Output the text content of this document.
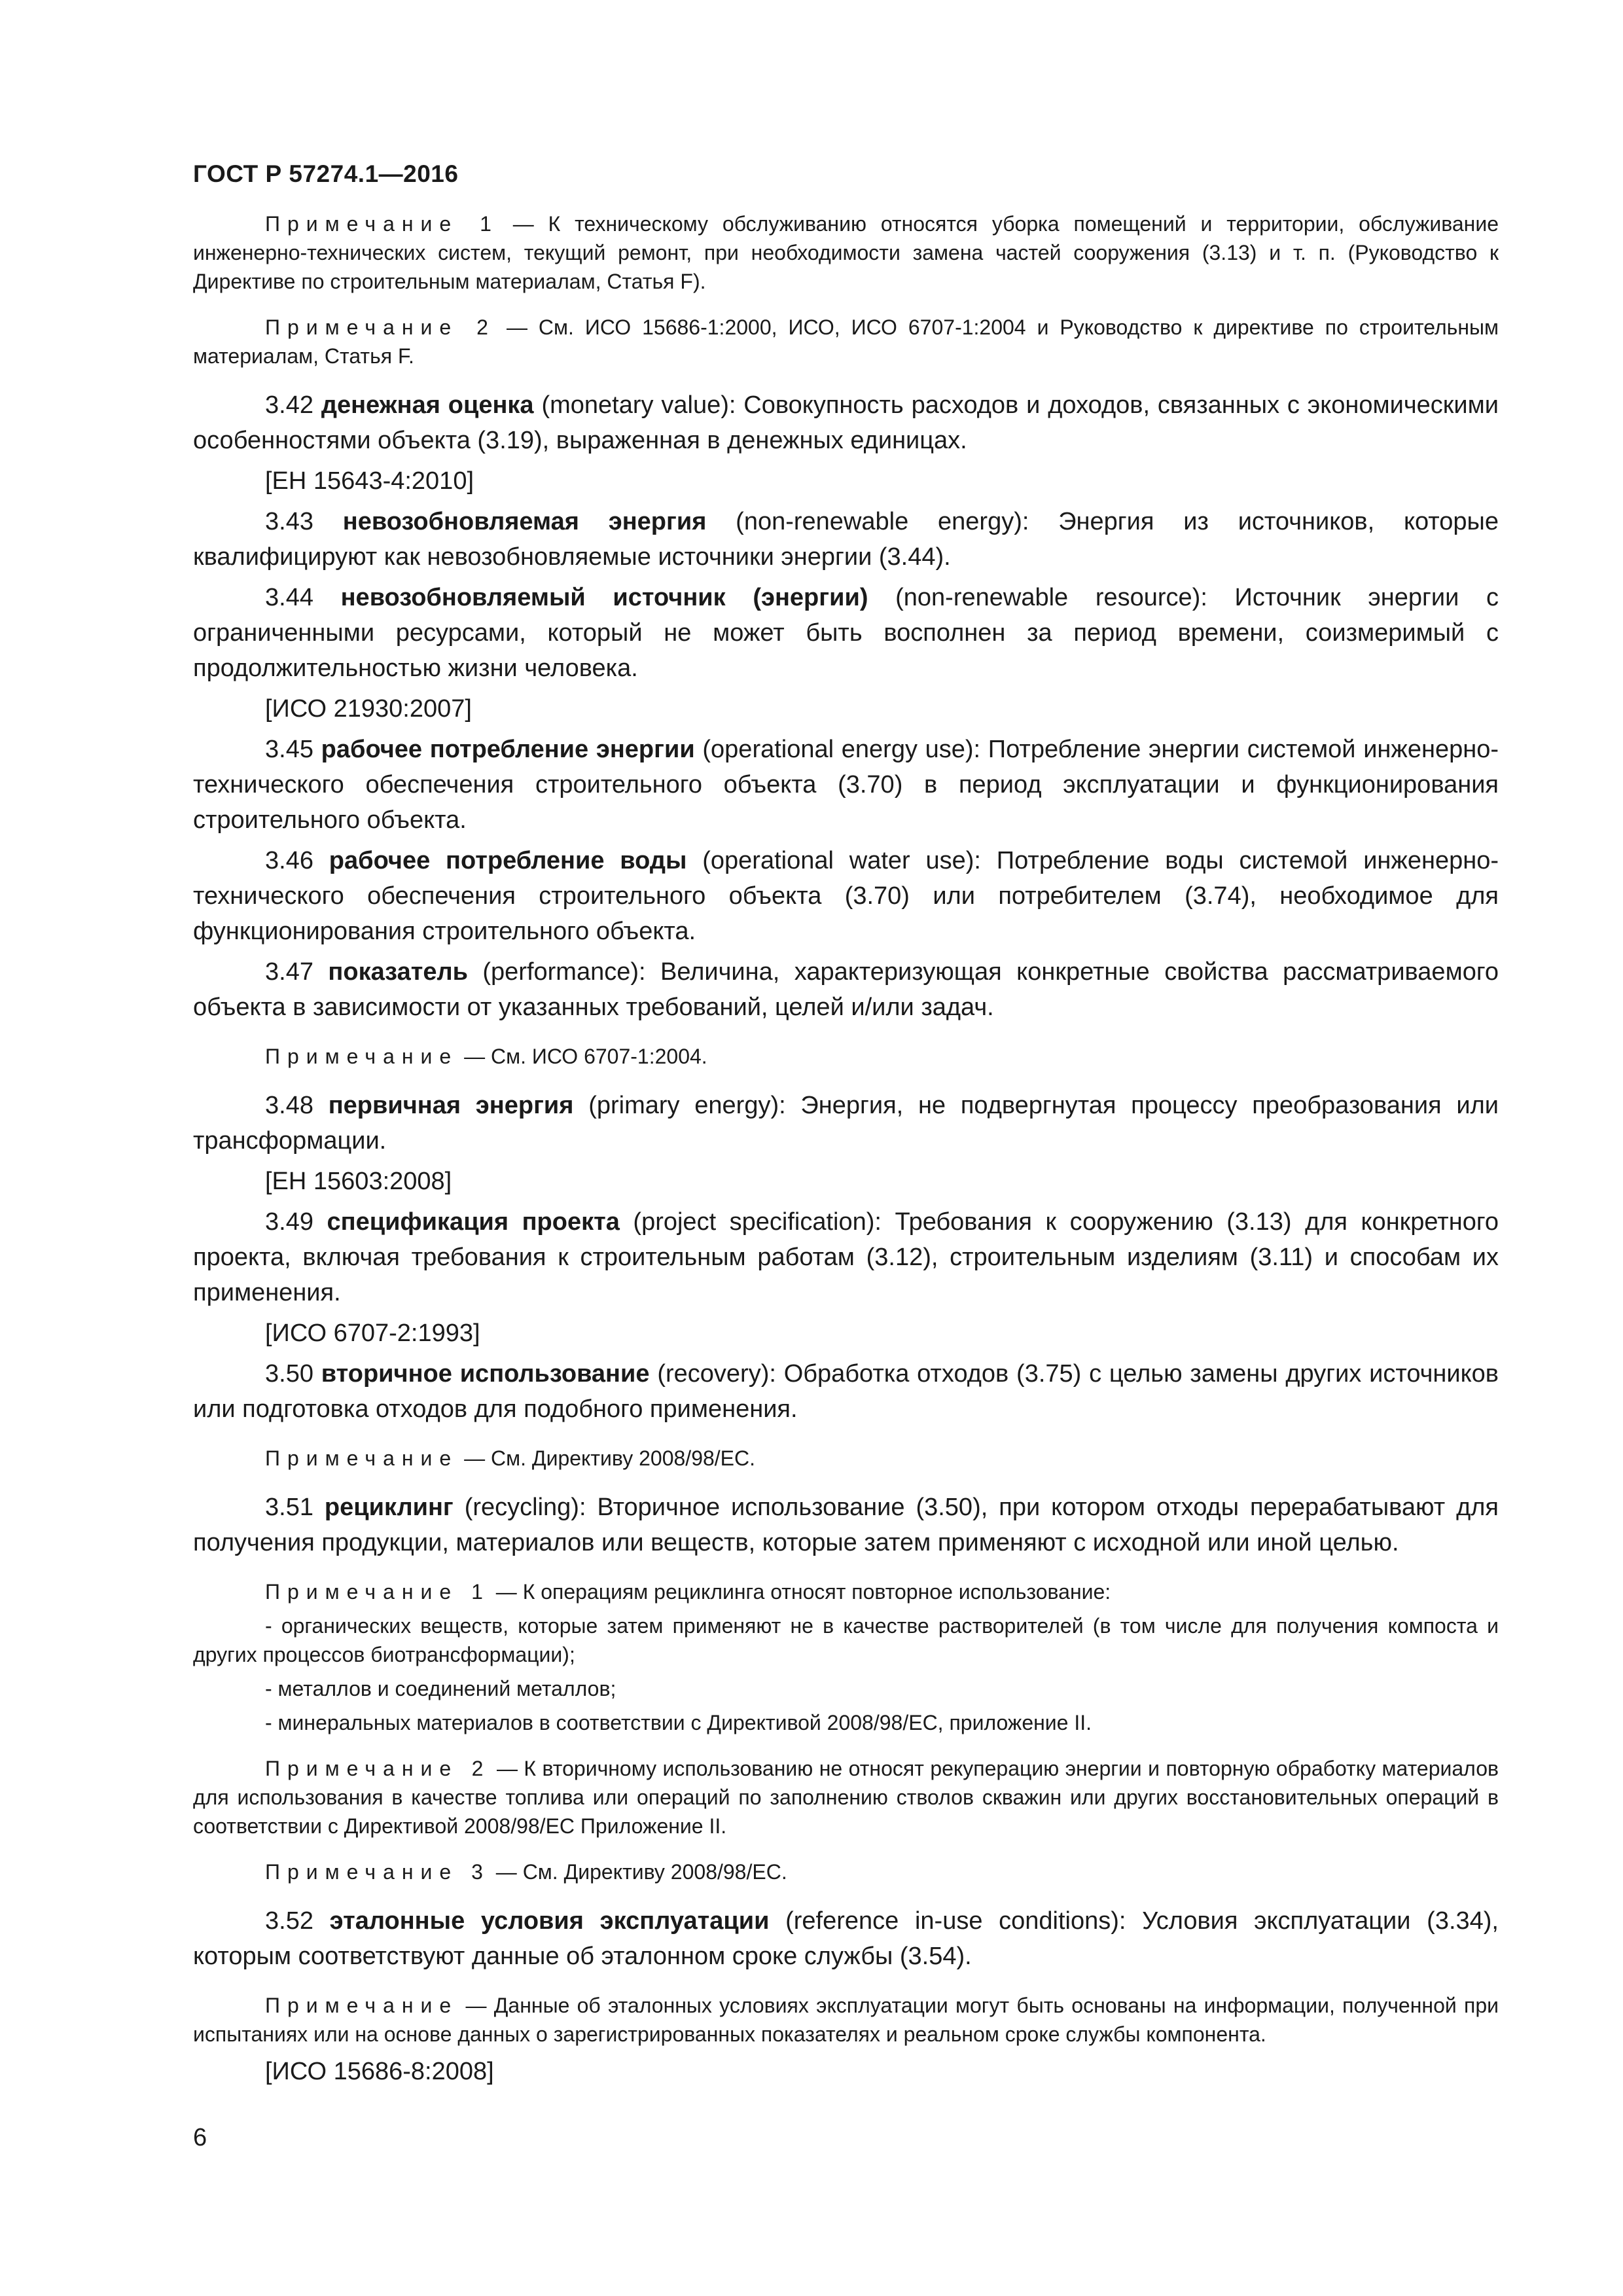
ГОСТ Р 57274.1—2016

Примечание 1 — К техническому обслуживанию относятся уборка помещений и территории, обслуживание инженерно-технических систем, текущий ремонт, при необходимости замена частей сооружения (3.13) и т. п. (Руководство к Директиве по строительным материалам, Статья F).

Примечание 2 — См. ИСО 15686-1:2000, ИСО, ИСО 6707-1:2004 и Руководство к директиве по строительным материалам, Статья F.

3.42 денежная оценка (monetary value): Совокупность расходов и доходов, связанных с экономическими особенностями объекта (3.19), выраженная в денежных единицах.

[ЕН 15643-4:2010]

3.43 невозобновляемая энергия (non-renewable energy): Энергия из источников, которые квалифицируют как невозобновляемые источники энергии (3.44).

3.44 невозобновляемый источник (энергии) (non-renewable resource): Источник энергии с ограниченными ресурсами, который не может быть восполнен за период времени, соизмеримый с продолжительностью жизни человека.

[ИСО 21930:2007]

3.45 рабочее потребление энергии (operational energy use): Потребление энергии системой инженерно-технического обеспечения строительного объекта (3.70) в период эксплуатации и функционирования строительного объекта.

3.46 рабочее потребление воды (operational water use): Потребление воды системой инженерно-технического обеспечения строительного объекта (3.70) или потребителем (3.74), необходимое для функционирования строительного объекта.

3.47 показатель (performance): Величина, характеризующая конкретные свойства рассматриваемого объекта в зависимости от указанных требований, целей и/или задач.

Примечание — См. ИСО 6707-1:2004.

3.48 первичная энергия (primary energy): Энергия, не подвергнутая процессу преобразования или трансформации.

[ЕН 15603:2008]

3.49 спецификация проекта (project specification): Требования к сооружению (3.13) для конкретного проекта, включая требования к строительным работам (3.12), строительным изделиям (3.11) и способам их применения.

[ИСО 6707-2:1993]

3.50 вторичное использование (recovery): Обработка отходов (3.75) с целью замены других источников или подготовка отходов для подобного применения.

Примечание — См. Директиву 2008/98/ЕС.

3.51 рециклинг (recycling): Вторичное использование (3.50), при котором отходы перерабатывают для получения продукции, материалов или веществ, которые затем применяют с исходной или иной целью.

Примечание 1 — К операциям рециклинга относят повторное использование:

- органических веществ, которые затем применяют не в качестве растворителей (в том числе для получения компоста и других процессов биотрансформации);

- металлов и соединений металлов;

- минеральных материалов в соответствии с Директивой 2008/98/ЕС, приложение II.

Примечание 2 — К вторичному использованию не относят рекуперацию энергии и повторную обработку материалов для использования в качестве топлива или операций по заполнению стволов скважин или других восстановительных операций в соответствии с Директивой 2008/98/ЕС Приложение II.

Примечание 3 — См. Директиву 2008/98/ЕС.

3.52 эталонные условия эксплуатации (reference in-use conditions): Условия эксплуатации (3.34), которым соответствуют данные об эталонном сроке службы (3.54).

Примечание — Данные об эталонных условиях эксплуатации могут быть основаны на информации, полученной при испытаниях или на основе данных о зарегистрированных показателях и реальном сроке службы компонента.

[ИСО 15686-8:2008]

6
